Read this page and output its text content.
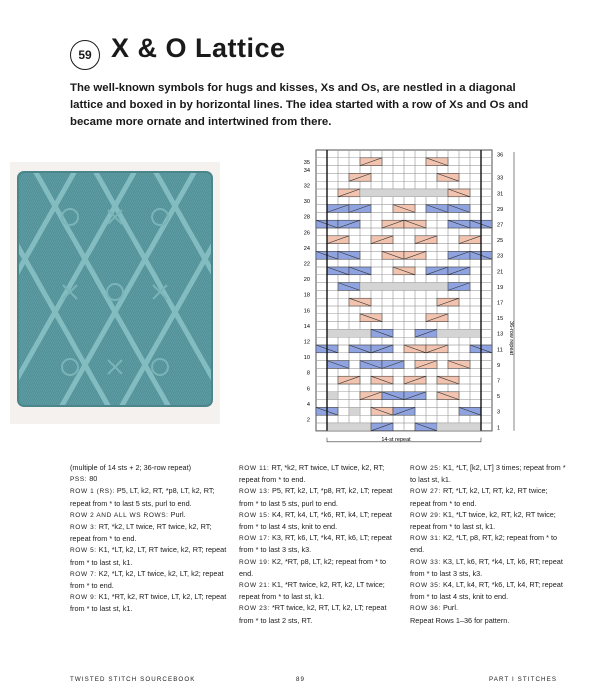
59 X & O Lattice

The well-known symbols for hugs and kisses, Xs and Os, are nestled in a diagonal lattice and boxed in by horizontal lines. The idea started with a row of Xs and Os and became more ornate and intertwined from there.

36-row repeat
14-st repeat
2
4
6
8
10
12
14
16
18
20
22
24
26
28
30
32
34
35
1
3
5
7
9
11
13
15
17
19
21
23
25
27
29
31
33
36

(multiple of 14 sts + 2; 36-row repeat)

PSS: 80

ROW 1 (RS): P5, LT, k2, RT, *p8, LT, k2, RT; repeat from * to last 5 sts, purl to end.

ROW 2 AND ALL WS ROWS: Purl.

ROW 3: RT, *k2, LT twice, RT twice, k2, RT; repeat from * to end.

ROW 5: K1, *LT, k2, LT, RT twice, k2, RT; repeat from * to last st, k1.

ROW 7: K2, *LT, k2, LT twice, k2, LT, k2; repeat from * to end.

ROW 9: K1, *RT, k2, RT twice, LT, k2, LT; repeat from * to last st, k1.

ROW 11: RT, *k2, RT twice, LT twice, k2, RT; repeat from * to end.

ROW 13: P5, RT, k2, LT, *p8, RT, k2, LT; repeat from * to last 5 sts, purl to end.

ROW 15: K4, RT, k4, LT, *k6, RT, k4, LT; repeat from * to last 4 sts, knit to end.

ROW 17: K3, RT, k6, LT, *k4, RT, k6, LT; repeat from * to last 3 sts, k3.

ROW 19: K2, *RT, p8, LT, k2; repeat from * to end.

ROW 21: K1, *RT twice, k2, RT, k2, LT twice; repeat from * to last st, k1.

ROW 23: *RT twice, k2, RT, LT, k2, LT; repeat from * to last 2 sts, RT.

ROW 25: K1, *LT, [k2, LT] 3 times; repeat from * to last st, k1.

ROW 27: RT, *LT, k2, LT, RT, k2, RT twice; repeat from * to end.

ROW 29: K1, *LT twice, k2, RT, k2, RT twice; repeat from * to last st, k1.

ROW 31: K2, *LT, p8, RT, k2; repeat from * to end.

ROW 33: K3, LT, k6, RT, *k4, LT, k6, RT; repeat from * to last 3 sts, k3.

ROW 35: K4, LT, k4, RT, *k6, LT, k4, RT; repeat from * to last 4 sts, knit to end.

ROW 36: Purl.

Repeat Rows 1–36 for pattern.

TWISTED STITCH SOURCEBOOK	89	PART I STITCHES
